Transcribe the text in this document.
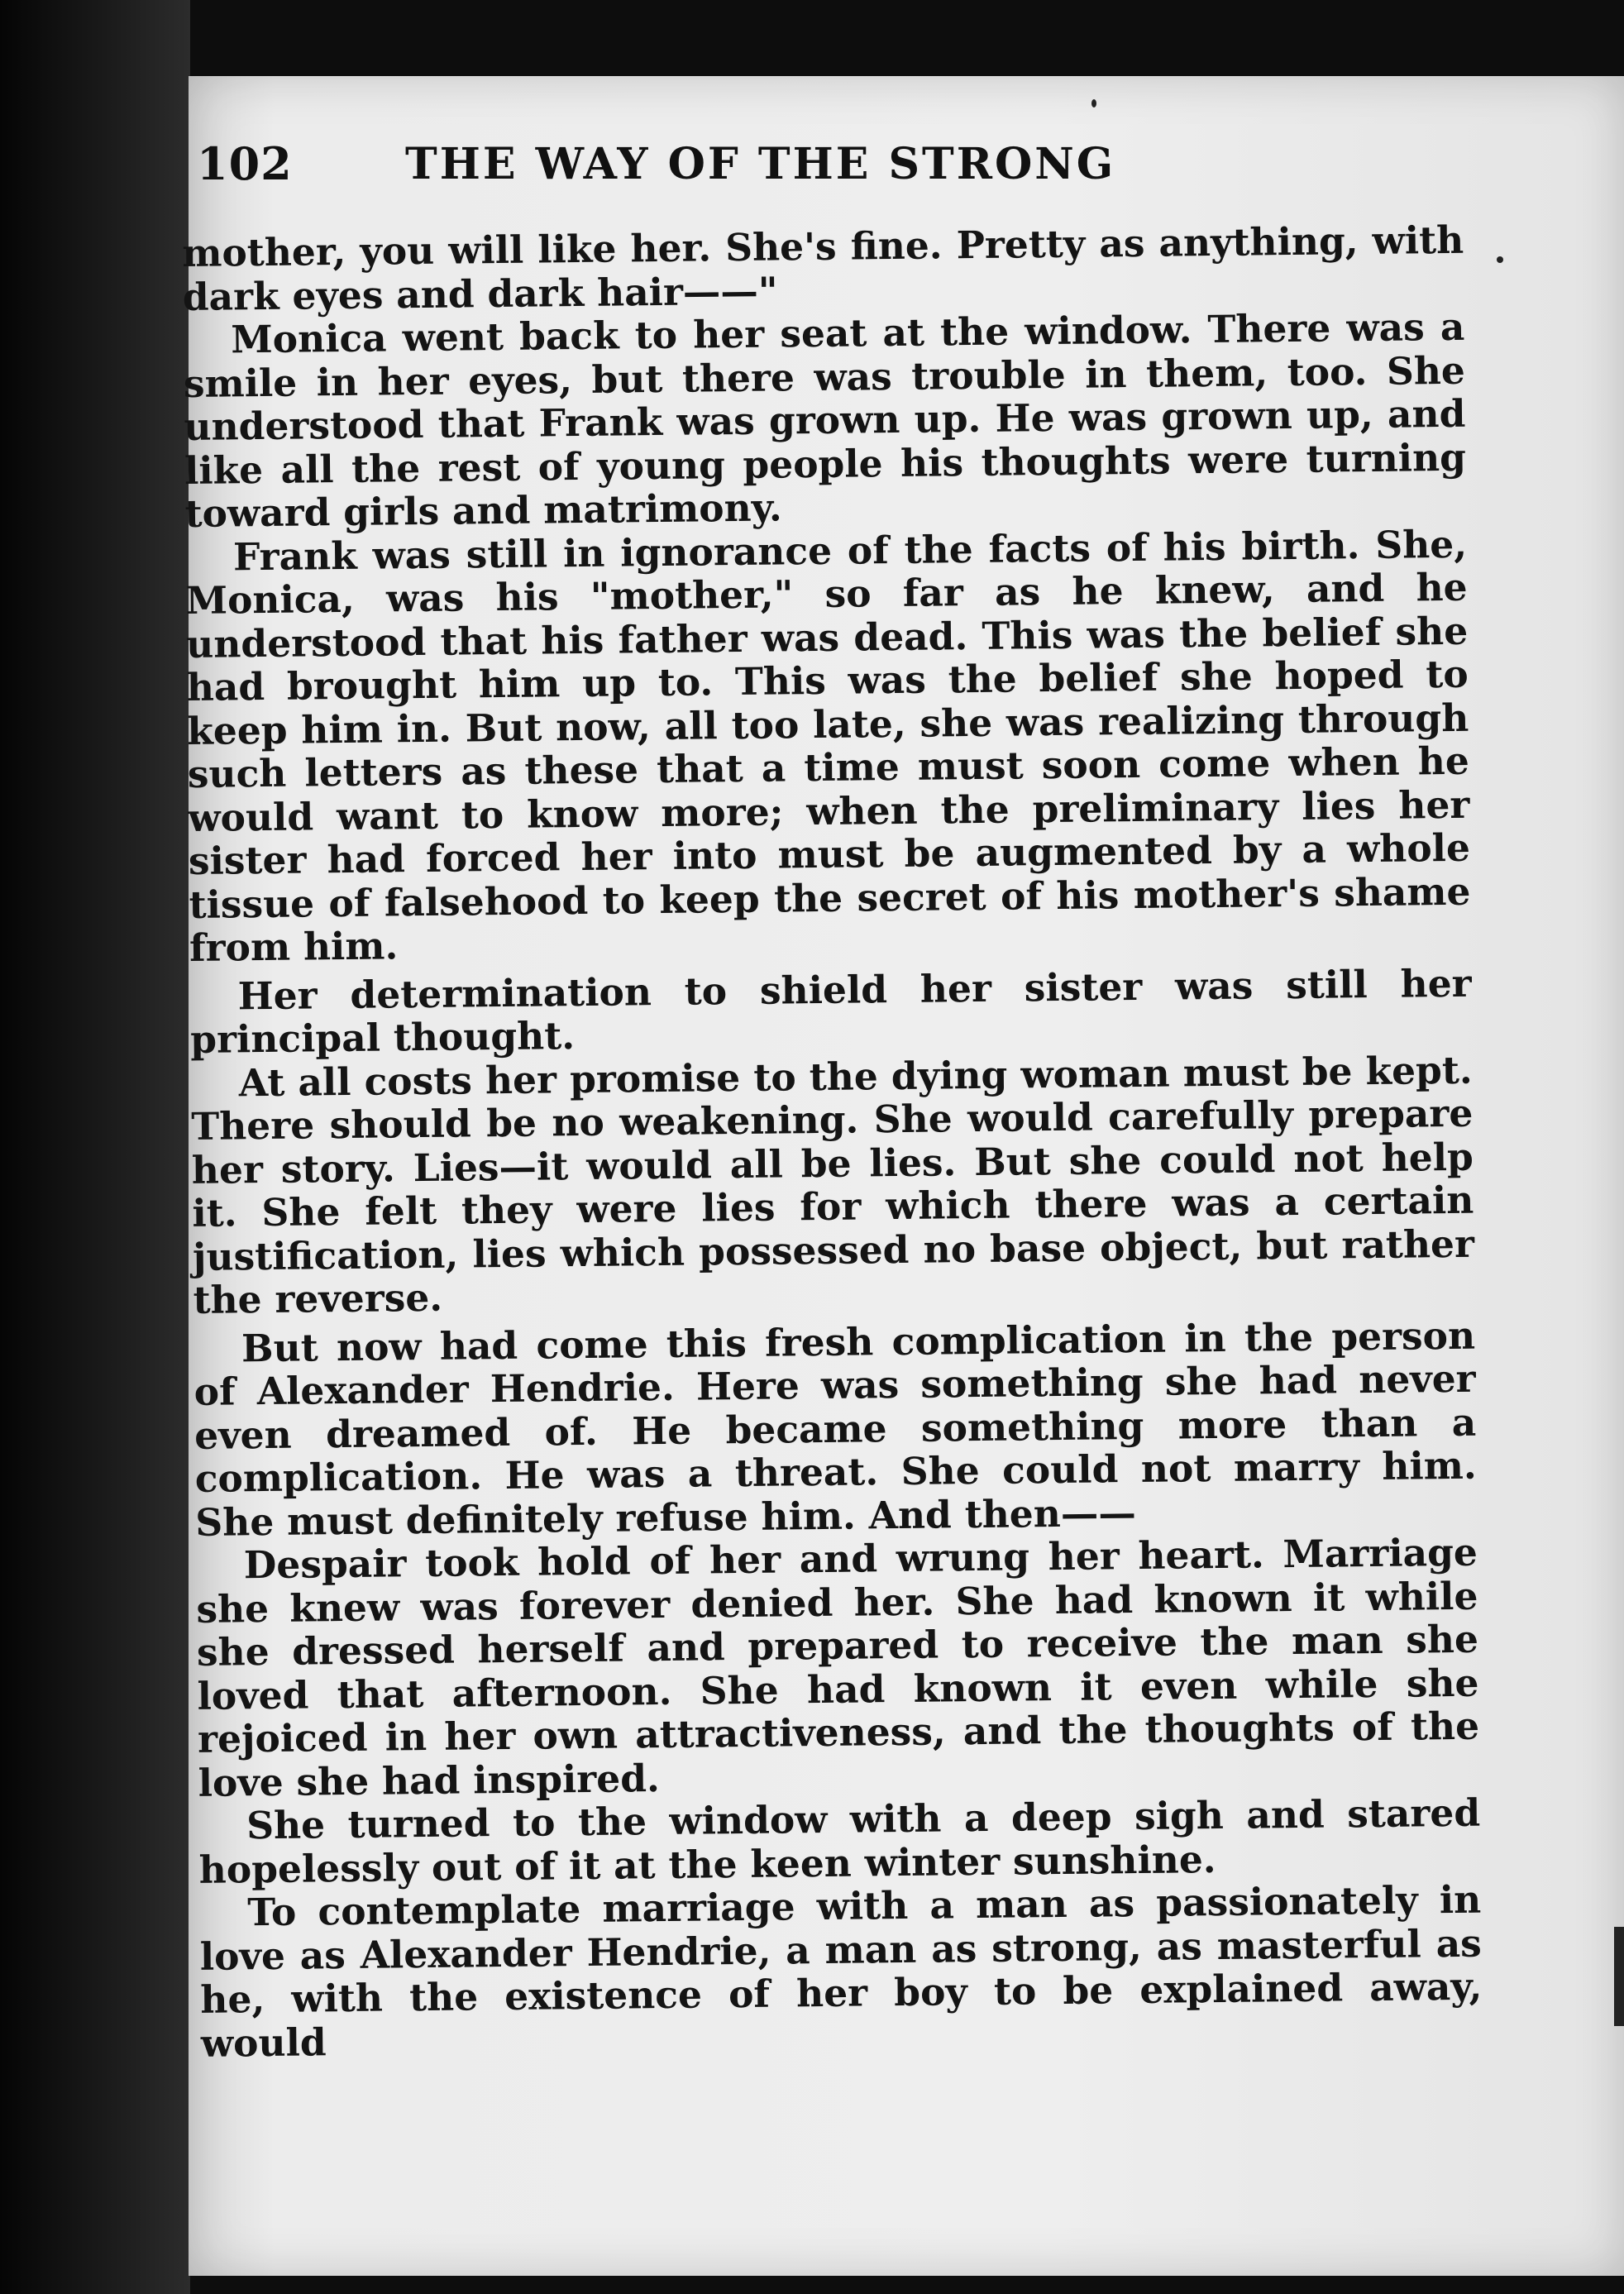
102	THE WAY OF THE STRONG

mother, you will like her. She's fine. Pretty as anything, with dark eyes and dark hair——"

Monica went back to her seat at the window. There was a smile in her eyes, but there was trouble in them, too. She understood that Frank was grown up. He was grown up, and like all the rest of young people his thoughts were turning toward girls and matrimony.

Frank was still in ignorance of the facts of his birth. She, Monica, was his "mother," so far as he knew, and he understood that his father was dead. This was the belief she had brought him up to. This was the belief she hoped to keep him in. But now, all too late, she was realizing through such letters as these that a time must soon come when he would want to know more; when the preliminary lies her sister had forced her into must be augmented by a whole tissue of falsehood to keep the secret of his mother's shame from him.

Her determination to shield her sister was still her principal thought.

At all costs her promise to the dying woman must be kept. There should be no weakening. She would carefully prepare her story. Lies—it would all be lies. But she could not help it. She felt they were lies for which there was a certain justification, lies which possessed no base object, but rather the reverse.

But now had come this fresh complication in the person of Alexander Hendrie. Here was something she had never even dreamed of. He became something more than a complication. He was a threat. She could not marry him. She must definitely refuse him. And then——

Despair took hold of her and wrung her heart. Marriage she knew was forever denied her. She had known it while she dressed herself and prepared to receive the man she loved that afternoon. She had known it even while she rejoiced in her own attractiveness, and the thoughts of the love she had inspired.

She turned to the window with a deep sigh and stared hopelessly out of it at the keen winter sunshine.

To contemplate marriage with a man as passionately in love as Alexander Hendrie, a man as strong, as masterful as he, with the existence of her boy to be explained away, would
